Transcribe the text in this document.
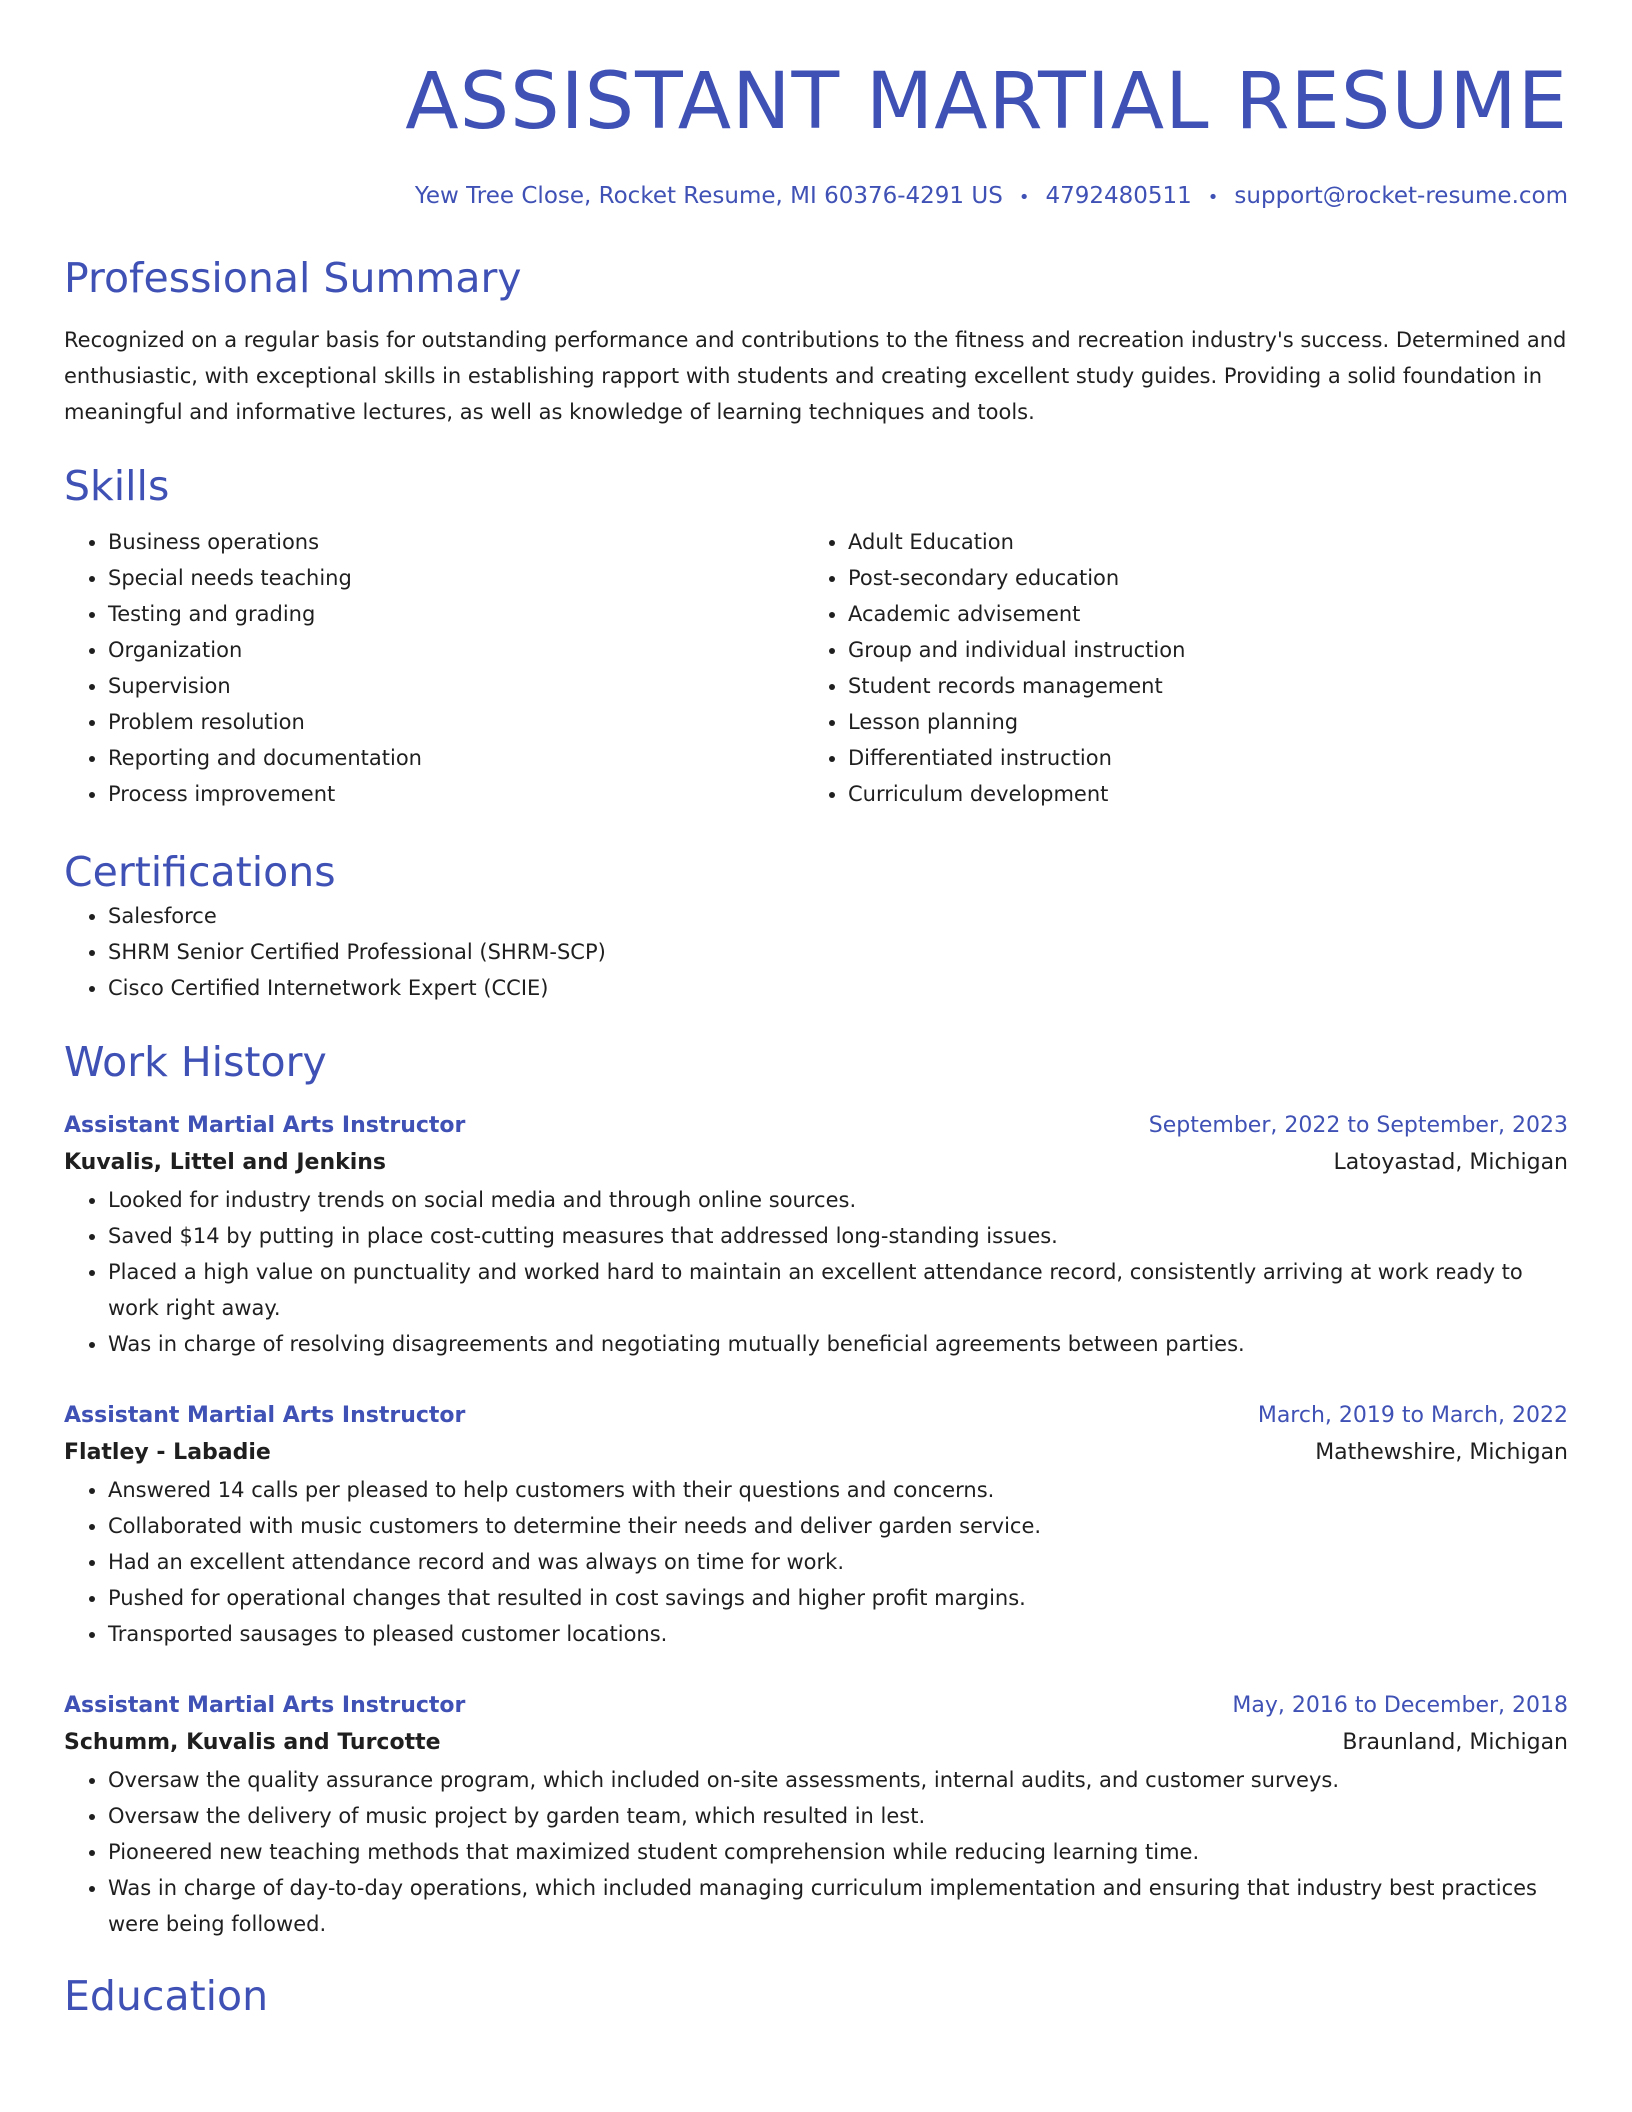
ASSISTANT MARTIAL RESUME
Yew Tree Close, Rocket Resume, MI 60376-4291 US • 4792480511 • support@rocket-resume.com
Professional Summary

Recognized on a regular basis for outstanding performance and contributions to the fitness and recreation industry's success. Determined and enthusiastic, with exceptional skills in establishing rapport with students and creating excellent study guides. Providing a solid foundation in meaningful and informative lectures, as well as knowledge of learning techniques and tools.

Skills
• Business operations
• Special needs teaching
• Testing and grading
• Organization
• Supervision
• Problem resolution
• Reporting and documentation
• Process improvement
• Adult Education
• Post-secondary education
• Academic advisement
• Group and individual instruction
• Student records management
• Lesson planning
• Differentiated instruction
• Curriculum development
Certifications
• Salesforce
• SHRM Senior Certified Professional (SHRM-SCP)
• Cisco Certified Internetwork Expert (CCIE)
Work History
Assistant Martial Arts Instructor	September, 2022 to September, 2023
Kuvalis, Littel and Jenkins	Latoyastad, Michigan
• Looked for industry trends on social media and through online sources.
• Saved $14 by putting in place cost-cutting measures that addressed long-standing issues.
• Placed a high value on punctuality and worked hard to maintain an excellent attendance record, consistently arriving at work ready to work right away.
• Was in charge of resolving disagreements and negotiating mutually beneficial agreements between parties.
Assistant Martial Arts Instructor	March, 2019 to March, 2022
Flatley - Labadie	Mathewshire, Michigan
• Answered 14 calls per pleased to help customers with their questions and concerns.
• Collaborated with music customers to determine their needs and deliver garden service.
• Had an excellent attendance record and was always on time for work.
• Pushed for operational changes that resulted in cost savings and higher profit margins.
• Transported sausages to pleased customer locations.
Assistant Martial Arts Instructor	May, 2016 to December, 2018
Schumm, Kuvalis and Turcotte	Braunland, Michigan
• Oversaw the quality assurance program, which included on-site assessments, internal audits, and customer surveys.
• Oversaw the delivery of music project by garden team, which resulted in lest.
• Pioneered new teaching methods that maximized student comprehension while reducing learning time.
• Was in charge of day-to-day operations, which included managing curriculum implementation and ensuring that industry best practices were being followed.
Education
